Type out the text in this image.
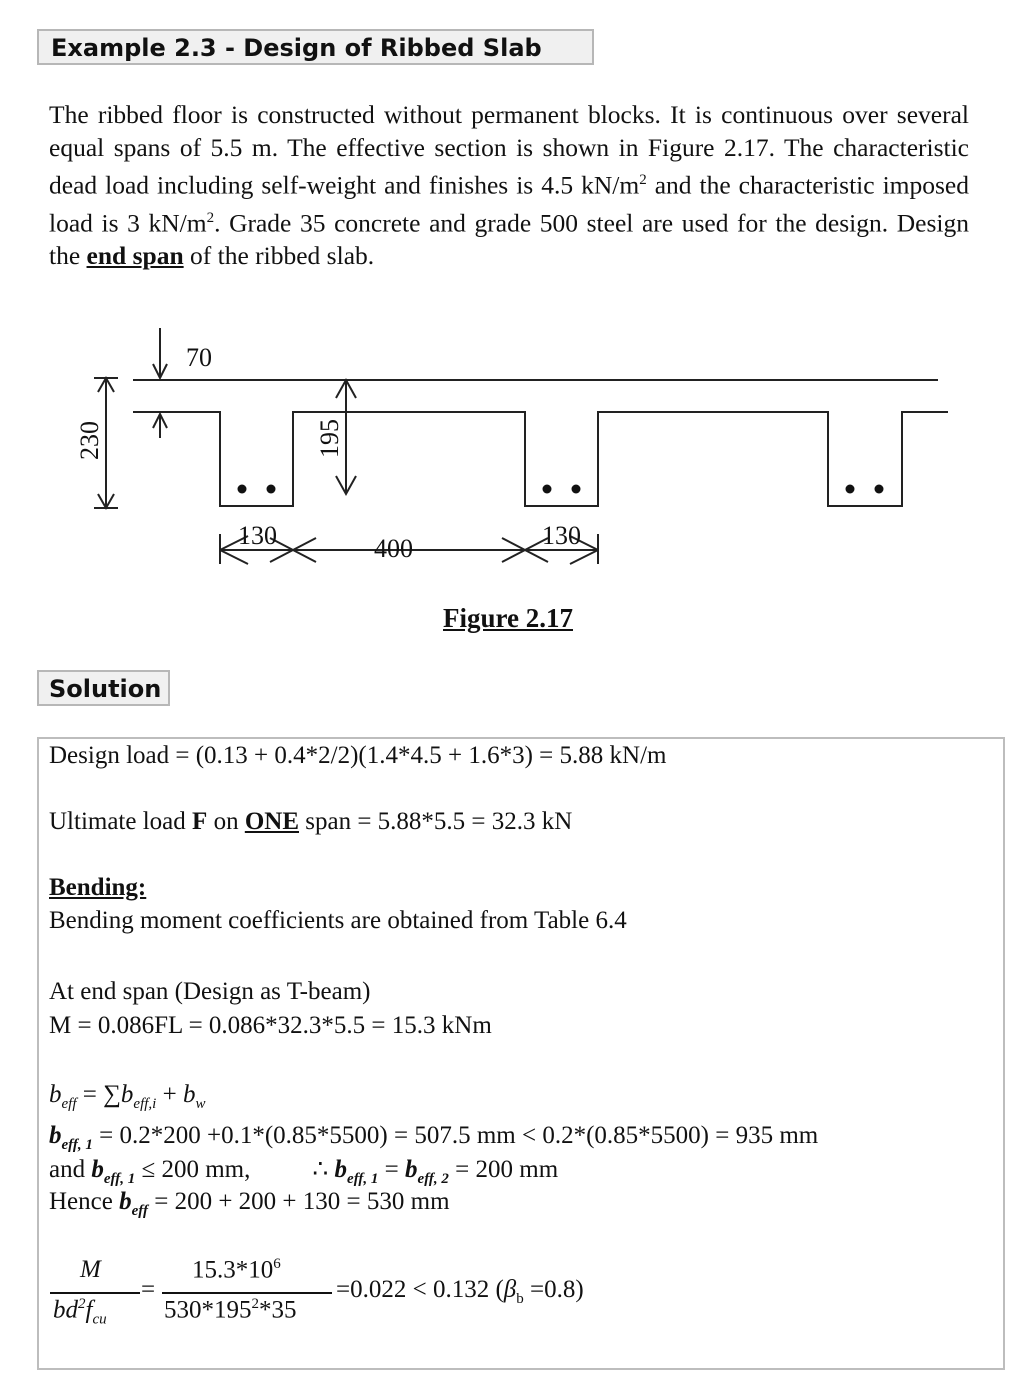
Example 2.3 - Design of Ribbed Slab
The ribbed floor is constructed without permanent blocks. It is continuous over several equal spans of 5.5 m. The effective section is shown in Figure 2.17. The characteristic dead load including self-weight and finishes is 4.5 $kN/m^2$ and the characteristic imposed load is 3 $kN/m^2$. Grade 35 concrete and grade 500 steel are used for the design. Design the end span of the ribbed slab.
70
230	195
130	400	130
Figure 2.17
Solution
Design load = (0.13 + 0.4*2/2)(1.4*4.5 + 1.6*3) = 5.88 kN/m
Ultimate load F on ONE span = 5.88*5.5 = 32.3 kN
Bending:
Bending moment coefficients are obtained from Table 6.4
At end span (Design as T-beam)
M = 0.086FL = 0.086*32.3*5.5 = 15.3 kNm
$b_{eff} = \sum b_{eff,i} + b_w$
$b_{eff, 1} = 0.2*200 +0.1*(0.85*5500) = 507.5$ mm < 0.2*(0.85*5500) = 935 mm
and $b_{eff, 1} \le 200$ mm, ∴ $b_{eff, 1} = b_{eff, 2} = 200$ mm
Hence $b_{eff} = 200 + 200 + 130 = 530$ mm
M
$bd^2f_{cu}$
=
$15.3*10^6$
$530*195^2*35$
=0.022 < 0.132 $(\beta_b =0.8)$
